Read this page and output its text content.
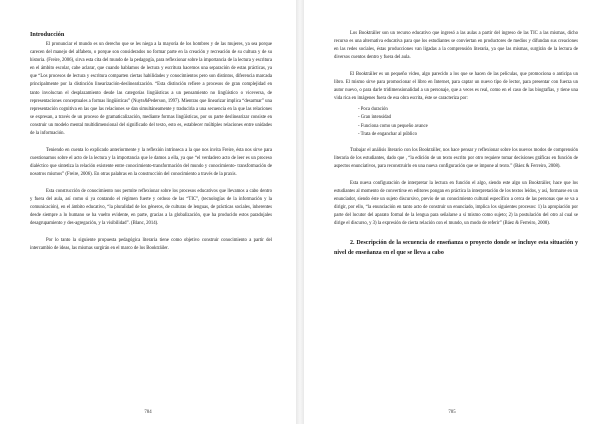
Introducción

El pronunciar el mundo es un derecho que se les niega a la mayoría de los hombres y de las mujeres, ya sea porque carecen del manejo del alfabeto, o porque son considerados no formar parte en la creación y recreación de su cultura y de su historia. (Freire, 2006), sirva esta cita del mundo de la pedagogía, para reflexionar sobre la importancia de la lectura y escritura en el ámbito escolar, cabe aclarar, que cuando hablamos de lectura y escritura hacemos una separación de estas prácticas, ya que “Los procesos de lectura y escritura comparten ciertas habilidades y conocimientos pero son distintos, diferencia marcada principalmente por la distinción linearización-deslinearización. “Esta distinción refiere a procesos de gran complejidad en tanto involucran el desplazamiento desde las categorías lingüísticas a un pensamiento no lingüístico o viceversa, de representaciones conceptuales a formas lingüísticas” (Nuyts&Pederson, 1997). Mientras que linearizar implica “desarmar” una representación cognitiva en las que las relaciones se dan simultáneamente y traducirla a una secuencia en la que las relaciones se expresan, a través de un proceso de gramaticalización, mediante formas lingüísticas, por su parte deslinearizar consiste en construir un modelo mental multidimensional del significado del texto, esto es, establecer múltiples relaciones entre unidades de la información.

Teniendo en cuenta lo explicado anteriormente y la reflexión intrínseca a la que nos invita Freire, ésta nos sirve para cuestionarnos sobre el acto de la lectura y la importancia que le damos a ella, ya que “el verdadero acto de leer es un proceso dialéctico que sintetiza la relación existente entre conocimiento-transformación del mundo y conocimiento- transformación de nosotros mismos” (Freire, 2006). En otras palabras en la construcción del conocimiento a través de la praxis.

Esta construcción de conocimiento nos permite reflexionar sobre los procesos educativos que llevamos a cabo dentro y fuera del aula, así como si ya contando el régimen fuerte y ordoso de las “TIC”, (tecnologías de la información y la comunicación), en el ámbito educativo, “la pluralidad de los géneros, de culturas de lenguas, de prácticas sociales, inherentes desde siempre a lo humano se ha vuelto evidente, en parte, gracias a la globalización, que ha producido estos paradojales desagrupamiento y des-agregación, y la visibilidad”. (Blanc, 2014).

Por lo tanto la siguiente propuesta pedagógica literaria tiene como objetivo construir conocimiento a partir del intercambio de ideas, las mismas surgirán en el marco de los Booktráiler.

784

Los Booktráiler son un recurso educativo que ingresó a las aulas a partir del ingreso de las TIC a las mismas, dicho recurso es una alternativa educativa para que los estudiantes se conviertan en productores de medios y difundan sus creaciones en las redes sociales, éstas producciones van ligadas a la comprensión literaria, ya que las mismas, surgirán de la lectura de diversos cuentos dentro y fuera del aula.

El Booktráiler es un pequeño video, algo parecido a los que se hacen de las películas, que promociona o anticipa un libro. El mismo sirve para promocionar el libro en Internet, para captar un nuevo tipo de lector, para presentar con fuerza un autor nuevo, o para darle tridimensionalidad a un personaje, que a veces es real, como en el caso de las biografías, y tiene una vida rica en imágenes fuera de esa obra escrita, éste se caracteriza por:

- Poca duración
- Gran intensidad
- Funciona como un pequeño avance
- Trata de enganchar al público

Trabajar el análisis literario con los Booktráiler, nos hace pensar y reflexionar sobre los nuevos modos de comprensión literaria de los estudiantes, dado que , “la edición de un texto escrito por otro requiere tomar decisiones gráficas en función de aspectos enunciativos, para reconstruirlo en una nueva configuración que se impone al texto.” (Báez & Ferreiro, 2008).

Esta nueva configuración de interpretar la lectura en función el algo, siendo este algo un Booktráiler, hace que los estudiantes al momento de convertirse en editores pongan en práctica la interpretación de los textos leídos, y así, formarse en un enunciador, siendo éste un sujeto discursivo, previo de un conocimiento cultural específico a cerca de las personas que se va a dirigir, por ello, “la enunciación en tanto acto de construir un enunciado, implica los siguientes procesos: 1) la apropiación por parte del locutor del aparato formal de la lengua para señalarse a sí mismo como sujeto; 2) la postulación del otro al cual se dirige el discurso, y 3) la expresión de cierta relación con el mundo, un modo de referir” (Báez & Ferreiro, 2008).

2. Descripción de la secuencia de enseñanza o proyecto donde se incluye esta situación y nivel de enseñanza en el que se lleva a cabo
785
